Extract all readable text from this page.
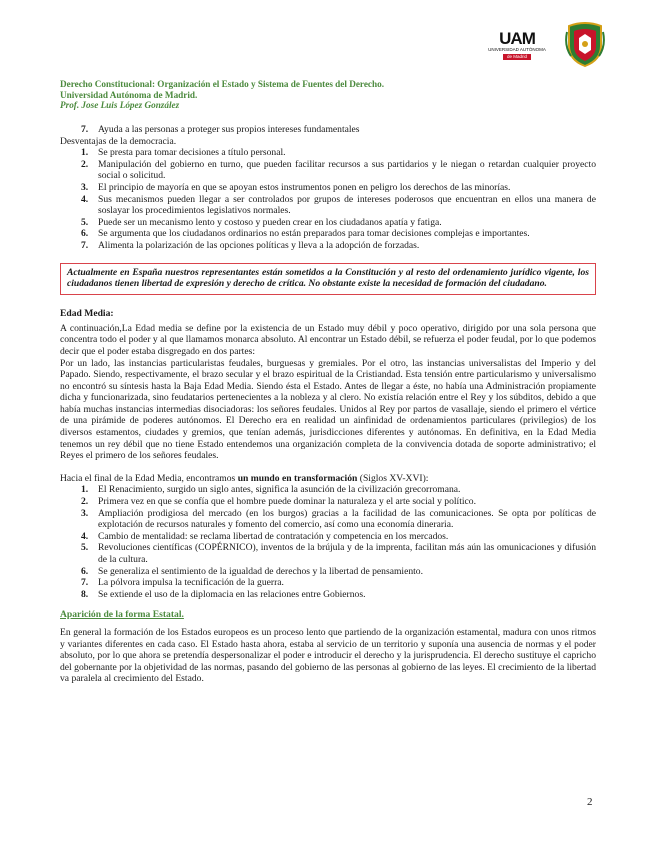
UAM
UNIVERSIDAD AUTÓNOMA
de Madrid
Derecho Constitucional: Organización el Estado y Sistema de Fuentes del Derecho.
Universidad Autónoma de Madrid.
Prof. Jose Luis López González
7. Ayuda a las personas a proteger sus propios intereses fundamentales
Desventajas de la democracia.
1. Se presta para tomar decisiones a título personal.
2. Manipulación del gobierno en turno, que pueden facilitar recursos a sus partidarios y le niegan o retardan cualquier proyecto social o solicitud.
3. El principio de mayoría en que se apoyan estos instrumentos ponen en peligro los derechos de las minorías.
4. Sus mecanismos pueden llegar a ser controlados por grupos de intereses poderosos que encuentran en ellos una manera de soslayar los procedimientos legislativos normales.
5. Puede ser un mecanismo lento y costoso y pueden crear en los ciudadanos apatía y fatiga.
6. Se argumenta que los ciudadanos ordinarios no están preparados para tomar decisiones complejas e importantes.
7. Alimenta la polarización de las opciones políticas y lleva a la adopción de forzadas.
Actualmente en España nuestros representantes están sometidos a la Constitución y al resto del ordenamiento jurídico vigente, los ciudadanos tienen libertad de expresión y derecho de crítica. No obstante existe la necesidad de formación del ciudadano.
Edad Media:

A continuación,La Edad media se define por la existencia de un Estado muy débil y poco operativo, dirigido por una sola persona que concentra todo el poder y al que llamamos monarca absoluto. Al encontrar un Estado débil, se refuerza el poder feudal, por lo que podemos decir que el poder estaba disgregado en dos partes:

Por un lado, las instancias particularistas feudales, burguesas y gremiales. Por el otro, las instancias universalistas del Imperio y del Papado. Siendo, respectivamente, el brazo secular y el brazo espiritual de la Cristiandad. Esta tensión entre particularismo y universalismo no encontró su síntesis hasta la Baja Edad Media. Siendo ésta el Estado. Antes de llegar a éste, no había una Administración propiamente dicha y funcionarizada, sino feudatarios pertenecientes a la nobleza y al clero. No existía relación entre el Rey y los súbditos, debido a que había muchas instancias intermedias disociadoras: los señores feudales. Unidos al Rey por partos de vasallaje, siendo el primero el vértice de una pirámide de poderes autónomos. El Derecho era en realidad un ainfinidad de ordenamientos particulares (privilegios) de los diversos estamentos, ciudades y gremios, que tenían además, jurisdicciones diferentes y autónomas. En definitiva, en la Edad Media tenemos un rey débil que no tiene Estado entendemos una organización completa de la convivencia dotada de soporte administrativo; el Reyes el primero de los señores feudales.

Hacia el final de la Edad Media, encontramos un mundo en transformación (Siglos XV-XVI):

1. El Renacimiento, surgido un siglo antes, significa la asunción de la civilización grecorromana.
2. Primera vez en que se confía que el hombre puede dominar la naturaleza y el arte social y político.
3. Ampliación prodigiosa del mercado (en los burgos) gracias a la facilidad de las comunicaciones. Se opta por políticas de explotación de recursos naturales y fomento del comercio, así como una economía dineraria.
4. Cambio de mentalidad: se reclama libertad de contratación y competencia en los mercados.
5. Revoluciones científicas (COPÉRNICO), inventos de la brújula y de la imprenta, facilitan más aún las omunicaciones y difusión de la cultura.
6. Se generaliza el sentimiento de la igualdad de derechos y la libertad de pensamiento.
7. La pólvora impulsa la tecnificación de la guerra.
8. Se extiende el uso de la diplomacia en las relaciones entre Gobiernos.
Aparición de la forma Estatal.

En general la formación de los Estados europeos es un proceso lento que partiendo de la organización estamental, madura con unos ritmos y variantes diferentes en cada caso. El Estado hasta ahora, estaba al servicio de un territorio y suponía una ausencia de normas y el poder absoluto, por lo que ahora se pretendía despersonalizar el poder e introducir el derecho y la jurisprudencia. El derecho sustituye el capricho del gobernante por la objetividad de las normas, pasando del gobierno de las personas al gobierno de las leyes. El crecimiento de la libertad va paralela al crecimiento del Estado.

2
